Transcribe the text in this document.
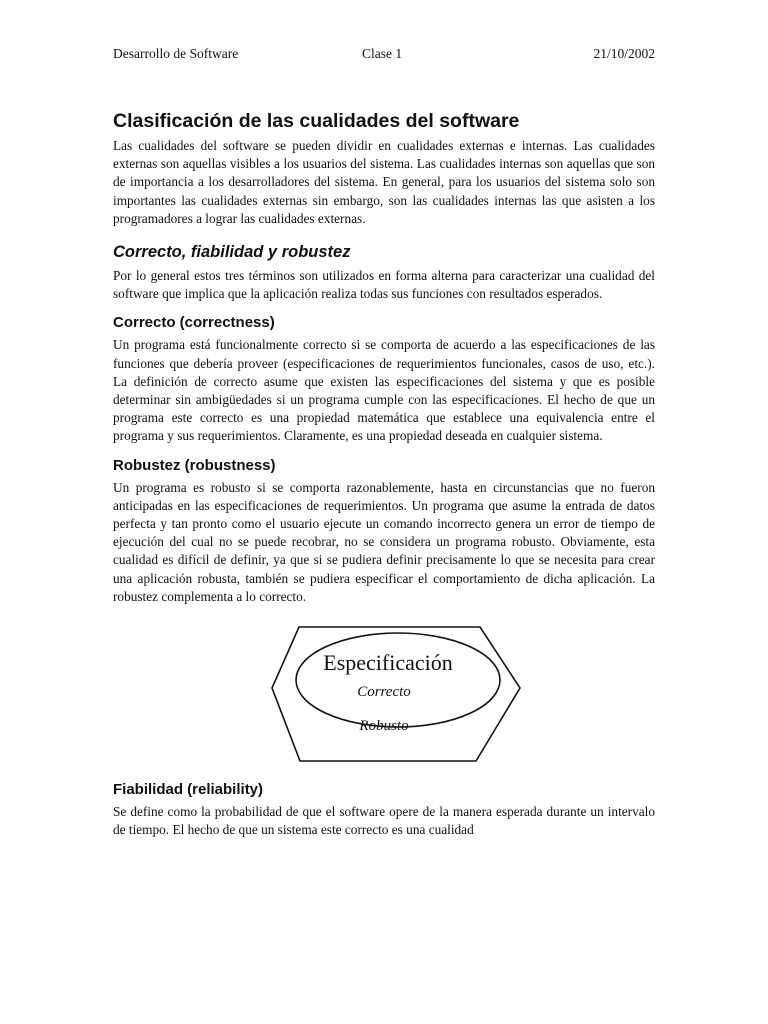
Desarrollo de Software	Clase 1	21/10/2002
Clasificación de las cualidades del software

Las cualidades del software se pueden dividir en cualidades externas e internas. Las cualidades externas son aquellas visibles a los usuarios del sistema. Las cualidades internas son aquellas que son de importancia a los desarrolladores del sistema. En general, para los usuarios del sistema solo son importantes las cualidades externas sin embargo, son las cualidades internas las que asisten a los programadores a lograr las cualidades externas.

Correcto, fiabilidad y robustez

Por lo general estos tres términos son utilizados en forma alterna para caracterizar una cualidad del software que implica que la aplicación realiza todas sus funciones con resultados esperados.

Correcto (correctness)

Un programa está funcionalmente correcto si se comporta de acuerdo a las especificaciones de las funciones que debería proveer (especificaciones de requerimientos funcionales, casos de uso, etc.). La definición de correcto asume que existen las especificaciones del sistema y que es posible determinar sin ambigüedades si un programa cumple con las especificaciones. El hecho de que un programa este correcto es una propiedad matemática que establece una equivalencia entre el programa y sus requerimientos. Claramente, es una propiedad deseada en cualquier sistema.

Robustez (robustness)

Un programa es robusto si se comporta razonablemente, hasta en circunstancias que no fueron anticipadas en las especificaciones de requerimientos. Un programa que asume la entrada de datos perfecta y tan pronto como el usuario ejecute un comando incorrecto genera un error de tiempo de ejecución del cual no se puede recobrar, no se considera un programa robusto. Obviamente, esta cualidad es difícil de definir, ya que si se pudiera definir precisamente lo que se necesita para crear una aplicación robusta, también se pudiera especificar el comportamiento de dicha aplicación. La robustez complementa a lo correcto.

Especificación
Correcto
Robusto
Fiabilidad (reliability)

Se define como la probabilidad de que el software opere de la manera esperada durante un intervalo de tiempo. El hecho de que un sistema este correcto es una cualidad
